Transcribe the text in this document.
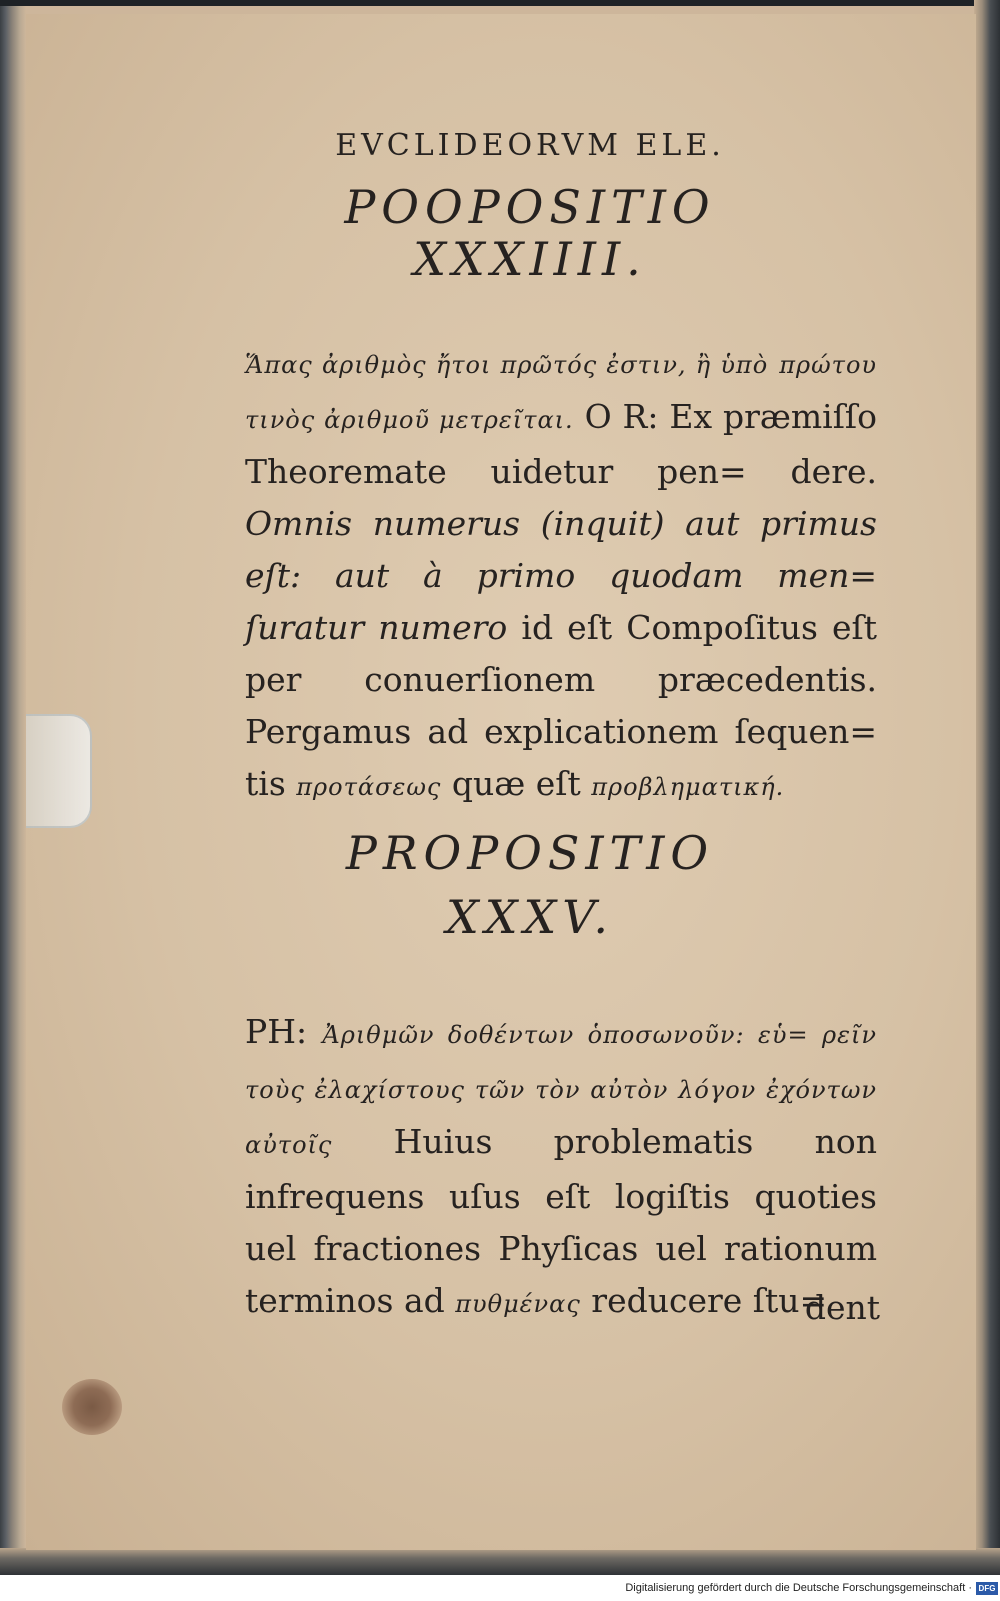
EVCLIDEORVM ELE.
POOPOSITIO
XXXIIII.
Ἅπας ἀριθμὸς ἤτοι πρῶτός ἐστιν, ἢ ὑπὸ πρώτου τινὸς ἀριθμοῦ μετρεῖται. O R: Ex præmiſſo Theoremate uidetur pen= dere. Omnis numerus (inquit) aut primus eſt: aut à primo quodam men= ſuratur numero id eſt Compoſitus eſt per conuerſionem præcedentis. Pergamus ad explicationem ſequen= tis προτάσεως quæ eſt προβληματική.
PROPOSITIO
XXXV.
PH: Ἀριθμῶν δοθέντων ὁποσωνοῦν: εὑ= ρεῖν τοὺς ἐλαχίστους τῶν τὸν αὐτὸν λόγον ἐχόντων αὐτοῖς Huius problematis non infrequens uſus eſt logiſtis quoties uel fractiones Phyſicas uel rationum terminos ad πυθμένας reducere ſtu=
dent
Digitalisierung gefördert durch die Deutsche Forschungsgemeinschaft · DFG
